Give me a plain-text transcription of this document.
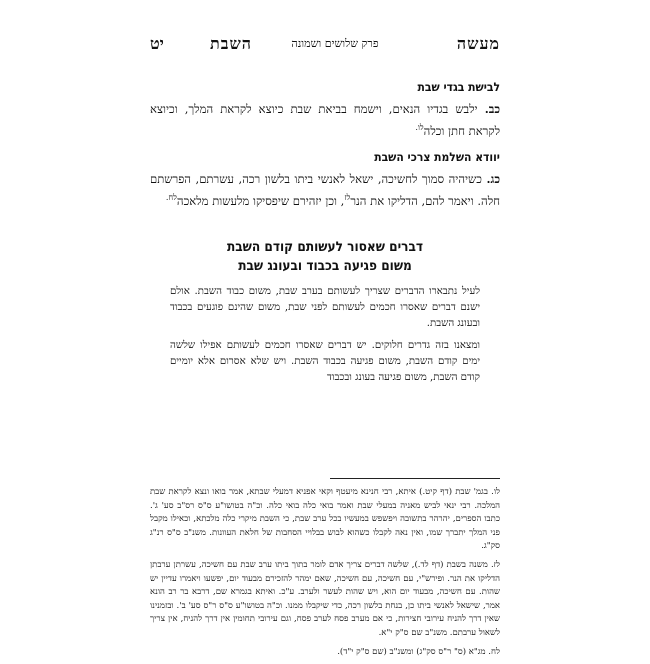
מעשה
פרק שלושים ושמונה
השבת
יט
לבישת בגדי שבת
כב. ילבש בגדיו הנאים, וישמח בביאת שבת כיוצא לקראת המלך, וכיוצא לקראת חתן וכלה$^{לו.}$
יוודא השלמת צרכי השבת
כג. כשיהיה סמוך לחשיכה, ישאל לאנשי ביתו בלשון רכה, עשרתם, הפרשתם חלה. ויאמר להם, הדליקו את הנר$^{לז}$, וכן יזהירם שיפסיקו מלעשות מלאכה$^{לח.}$
דברים שאסור לעשותם קודם השבת
משום פגיעה בכבוד ובעונג שבת

לעיל נתבארו הדברים שצריך לעשותם בערב שבת, משום כבוד השבת. אולם ישנם דברים שאסרו חכמים לעשותם לפני שבת, משום שהינם פוגעים בכבוד ובעונג השבת.

ומצאנו בזה גדרים חלוקים. יש דברים שאסרו חכמים לעשותם אפילו שלשה ימים קודם השבת, משום פגיעה בכבוד השבת. ויש שלא אסרום אלא יומיים קודם השבת, משום פגיעה בעונג ובכבוד

לו. בגמ' שבת (דף קיט.) איתא, רבי חנינא מיעטף וקאי אפניא דמעלי שבתא, אמר בואו ונצא לקראת שבת המלכה. רבי ינאי לביש מאניה במעלי שבת ואמר בואי כלה בואי כלה. וכ"ה בטושו"ע ס"ס רס"ב סע' ג'. כתבו הספרים, יהרהר בתשובה ויפשפש במעשיו בכל ערב שבת, כי השבת מיקרי כלה מלכתא, וכאילו מקבל פני המלך יתברך שמו, ואין נאה לקבלו כשהוא לבוש בבלויי הסחבות של חלאת העוונות. משנ"ב ס"ס רנ"ג סק"ג.

לז. משנה בשבת (דף לד.), שלשה דברים צריך אדם לומר בתוך ביתו ערב שבת עם חשיכה, עשרתן ערבתן הדליקו את הנר. ופירש"י, עם חשיכה, עם חשיכה, שאם ימהר להזכירם מבעוד יום, יפשעו ויאמרו עדיין יש שהות. עם חשיכה, מבעוד יום הוא, ויש שהות לעשר ולערב. ע"כ. ואיתא בגמרא שם, דרבא בר רב הונא אמר, שישאל לאנשי ביתו כן, בנחת בלשון רכה, כדי שיקבלו ממנו. וכ"ה בטושו"ע ס"ס ר"ס סע' ב'. ובזמנינו שאין דרך להניח עירובי חצירות, כי אם מערב פסח לערב פסח, וגם עירובי תחומין אין דרך להניח, אין צריך לשאול ערבתם. משנ"ב שם ס"ק י"א.

לח. מג"א (ס" ר"ס סק"ג) ומשנ"ב (שם ס"ק י"ד).
